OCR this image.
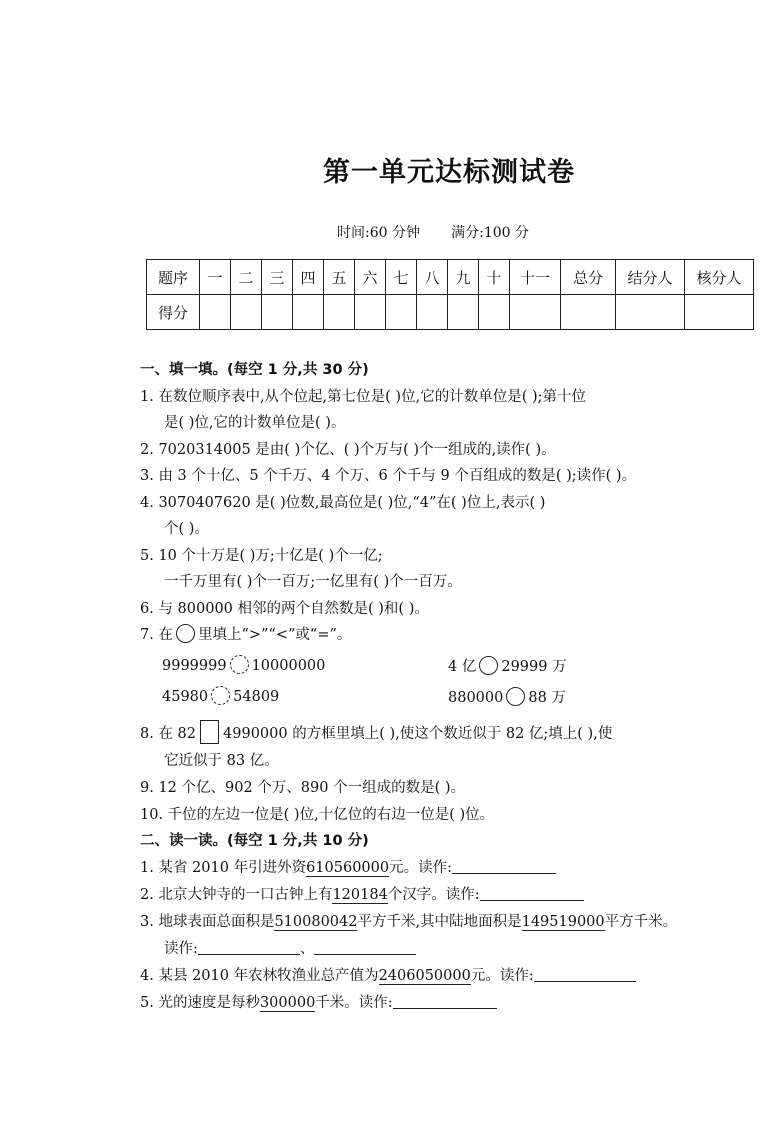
第一单元达标测试卷
时间:60 分钟       满分:100 分
题序	一	二	三	四	五	六	七	八	九	十	十一	总分	结分人	核分人
得分														
一、填一填。(每空 1 分,共 30 分)
1. 在数位顺序表中,从个位起,第七位是( )位,它的计数单位是( );第十位
是( )位,它的计数单位是( )。
2. 7020314005 是由( )个亿、( )个万与( )个一组成的,读作( )。
3. 由 3 个十亿、5 个千万、4 个万、6 个千与 9 个百组成的数是( );读作( )。
4. 3070407620 是( )位数,最高位是( )位,“4”在( )位上,表示( )
个( )。
5. 10 个十万是( )万;十亿是( )个一亿;
一千万里有( )个一百万;一亿里有( )个一百万。
6. 与 800000 相邻的两个自然数是( )和( )。
7. 在 里填上“>”“<”或“=”。
9999999 10000000	4 亿 29999 万
45980 54809	880000 88 万
8. 在 82 4990000 的方框里填上( ),使这个数近似于 82 亿;填上( ),使
它近似于 83 亿。
9. 12 个亿、902 个万、890 个一组成的数是( )。
10. 千位的左边一位是( )位,十亿位的右边一位是( )位。
二、读一读。(每空 1 分,共 10 分)
1. 某省 2010 年引进外资610560000元。读作:
2. 北京大钟寺的一口古钟上有120184个汉字。读作:
3. 地球表面总面积是510080042平方千米,其中陆地面积是149519000平方千米。
读作:	、
4. 某县 2010 年农林牧渔业总产值为2406050000元。读作:
5. 光的速度是每秒300000千米。读作:
